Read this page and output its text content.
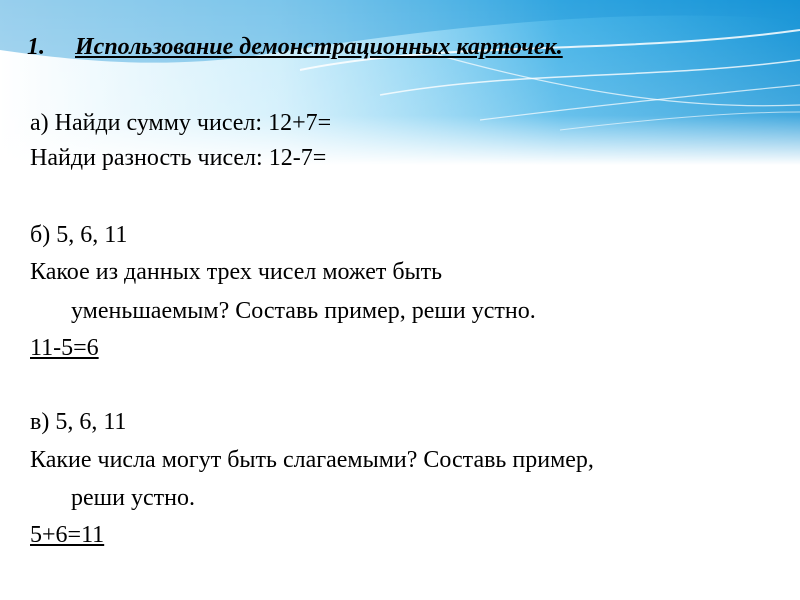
1. Использование демонстрационных карточек.
а) Найди сумму чисел: 12+7=
Найди разность чисел: 12-7=
б) 5, 6, 11
Какое из данных трех чисел может быть
уменьшаемым? Составь пример, реши устно.
11-5=6
в) 5, 6, 11
Какие числа могут быть слагаемыми? Составь пример,
реши устно.
5+6=11
